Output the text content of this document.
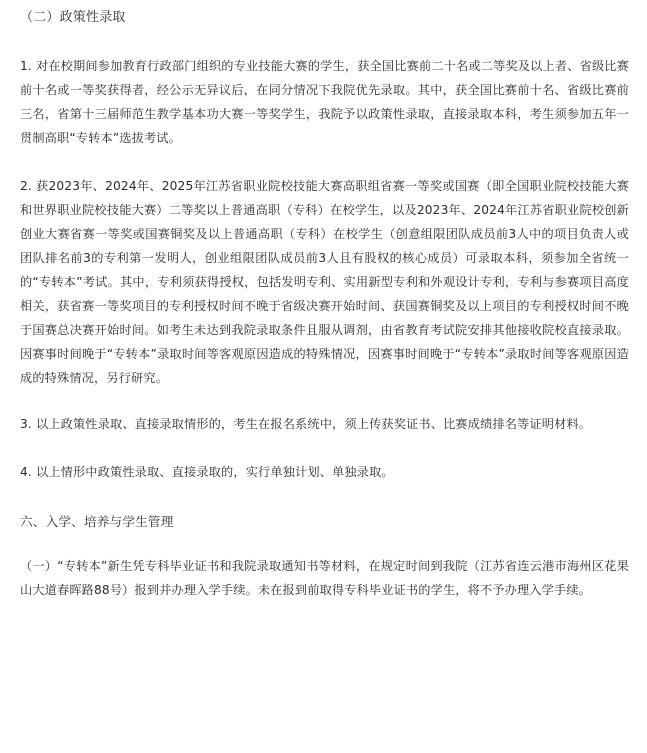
（二）政策性录取

1. 对在校期间参加教育行政部门组织的专业技能大赛的学生，获全国比赛前二十名或二等奖及以上者、省级比赛前十名或一等奖获得者，经公示无异议后，在同分情况下我院优先录取。其中，获全国比赛前十名、省级比赛前三名，省第十三届师范生教学基本功大赛一等奖学生，我院予以政策性录取，直接录取本科，考生须参加五年一贯制高职“专转本”选拔考试。

2. 获2023年、2024年、2025年江苏省职业院校技能大赛高职组省赛一等奖或国赛（即全国职业院校技能大赛和世界职业院校技能大赛）二等奖以上普通高职（专科）在校学生，以及2023年、2024年江苏省职业院校创新创业大赛省赛一等奖或国赛铜奖及以上普通高职（专科）在校学生（创意组限团队成员前3人中的项目负责人或团队排名前3的专利第一发明人，创业组限团队成员前3人且有股权的核心成员）可录取本科，须参加全省统一的“专转本”考试。其中，专利须获得授权，包括发明专利、实用新型专利和外观设计专利，专利与参赛项目高度相关，获省赛一等奖项目的专利授权时间不晚于省级决赛开始时间、获国赛铜奖及以上项目的专利授权时间不晚于国赛总决赛开始时间。如考生未达到我院录取条件且服从调剂，由省教育考试院安排其他接收院校直接录取。因赛事时间晚于“专转本”录取时间等客观原因造成的特殊情况，因赛事时间晚于“专转本”录取时间等客观原因造成的特殊情况，另行研究。

3. 以上政策性录取、直接录取情形的，考生在报名系统中，须上传获奖证书、比赛成绩排名等证明材料。

4. 以上情形中政策性录取、直接录取的，实行单独计划、单独录取。

六、入学、培养与学生管理

（一）“专转本”新生凭专科毕业证书和我院录取通知书等材料，在规定时间到我院（江苏省连云港市海州区花果山大道春晖路88号）报到并办理入学手续。未在报到前取得专科毕业证书的学生，将不予办理入学手续。
